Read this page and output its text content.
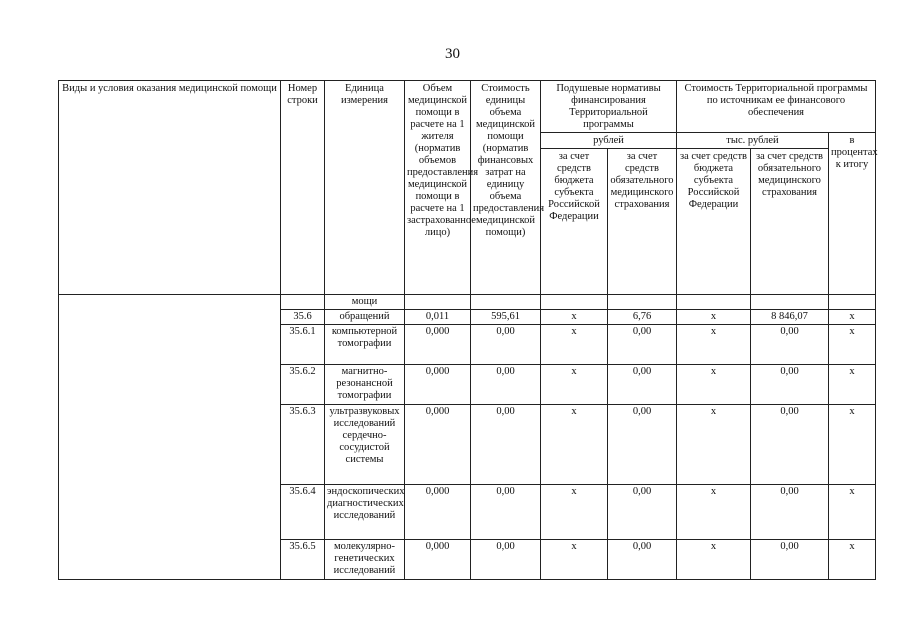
30
Виды и условия оказания медицинской помощи	Номер строки	Единица измерения	Объем медицинской помощи в расчете на 1 жителя (норматив объемов предоставления медицинской помощи в расчете на 1 застрахованное лицо)	Стоимость единицы объема медицинской помощи (норматив финансовых затрат на единицу объема предоставления медицинской помощи)	Подушевые нормативы финансирования Территориальной программы		Стоимость Территориальной программы по источникам ее финансового обеспечения		
					рублей		тыс. рублей		в процентах к итогу
					за счет средств бюджета субъекта Российской Федерации	за счет средств обязательного медицинского страхования	за счет средств бюджета субъекта Российской Федерации	за счет средств обязательного медицинского страхования	
		мощи							
	35.6	обращений	0,011	595,61	х	6,76	х	8 846,07	х
	35.6.1	компьютерной томографии	0,000	0,00	х	0,00	х	0,00	х
	35.6.2	магнитно-резонансной томографии	0,000	0,00	х	0,00	х	0,00	х
	35.6.3	ультразвуковых исследований сердечно-сосудистой системы	0,000	0,00	х	0,00	х	0,00	х
	35.6.4	эндоскопических диагностических исследований	0,000	0,00	х	0,00	х	0,00	х
	35.6.5	молекулярно-генетических исследований	0,000	0,00	х	0,00	х	0,00	х
